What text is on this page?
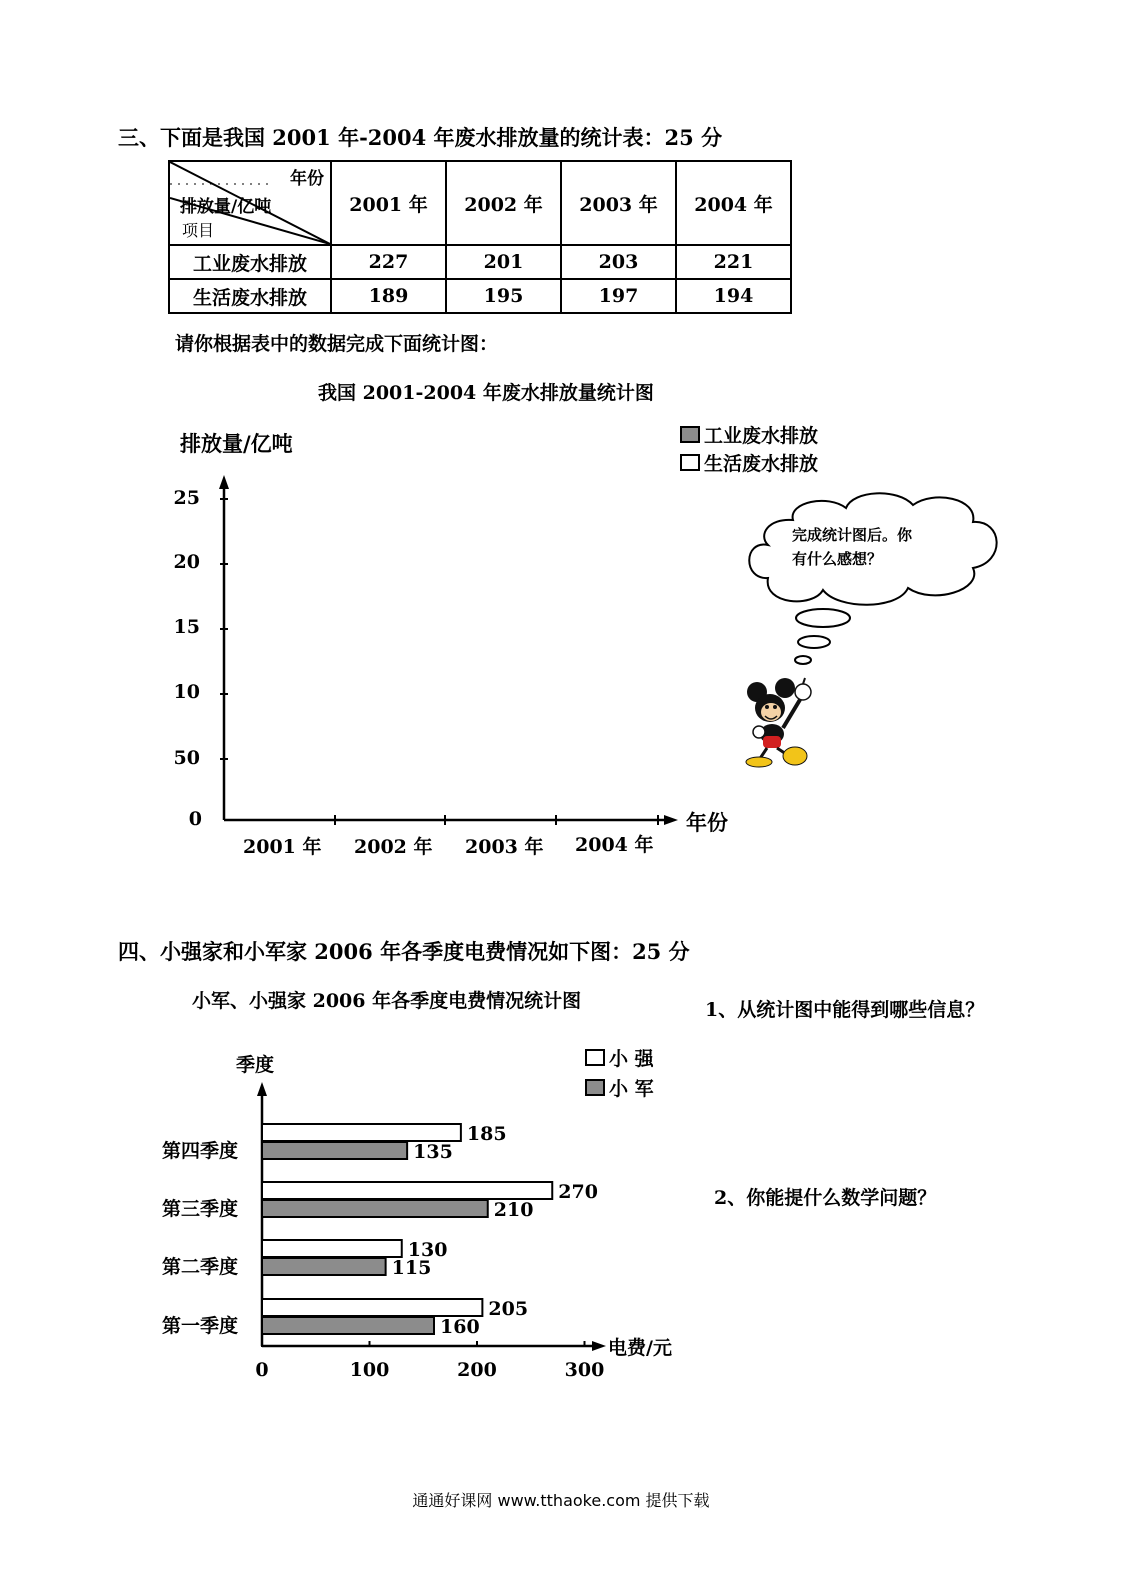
三、下面是我国 2001 年-2004 年废水排放量的统计表：25 分
年份
排放量/亿吨
项目	2001 年	2002 年	2003 年	2004 年
工业废水排放	227	201	203	221
生活废水排放	189	195	197	194
请你根据表中的数据完成下面统计图：
我国 2001-2004 年废水排放量统计图
排放量/亿吨	工业废水排放
生活废水排放
25
20
15
10
50
0
2001 年 2002 年 2003 年 2004 年
年份
完成统计图后。你
有什么感想？
四、小强家和小军家 2006 年各季度电费情况如下图：25 分
小军、小强家 2006 年各季度电费情况统计图	1、从统计图中能得到哪些信息？
2、你能提什么数学问题？
季度
电费/元
小 强
小 军
0	100	200	300
第四季度
185
135
第三季度
270
210
第二季度
130
115
第一季度
205
160
通通好课网 www.tthaoke.com 提供下载
